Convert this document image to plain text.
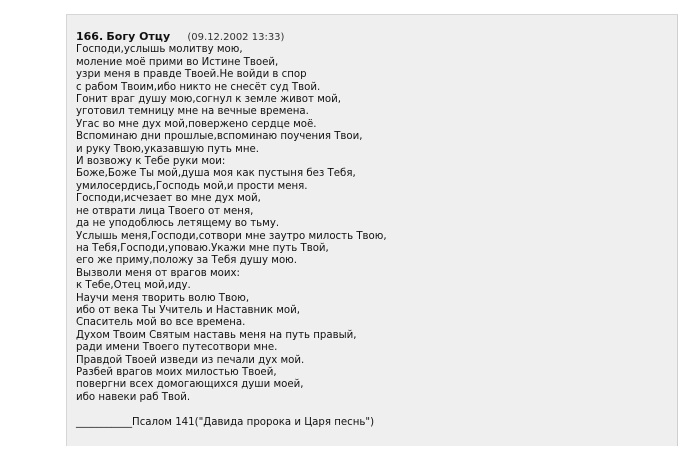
166. Богу Отцу (09.12.2002 13:33)
Господи,услышь молитву мою,
моление моё прими во Истине Твоей,
узри меня в правде Твоей.Не войди в спор
с рабом Твоим,ибо никто не снесёт суд Твой.
Гонит враг душу мою,согнул к земле живот мой,
уготовил темницу мне на вечные времена.
Угас во мне дух мой,повержено сердце моё.
Вспоминаю дни прошлые,вспоминаю поучения Твои,
и руку Твою,указавшую путь мне.
И возвожу к Тебе руки мои:
Боже,Боже Ты мой,душа моя как пустыня без Тебя,
умилосердись,Господь мой,и прости меня.
Господи,исчезает во мне дух мой,
не отврати лица Твоего от меня,
да не уподоблюсь летящему во тьму.
Услышь меня,Господи,сотвори мне заутро милость Твою,
на Тебя,Господи,уповаю.Укажи мне путь Твой,
его же приму,положу за Тебя душу мою.
Вызволи меня от врагов моих:
к Тебе,Отец мой,иду.
Научи меня творить волю Твою,
ибо от века Ты Учитель и Наставник мой,
Спаситель мой во все времена.
Духом Твоим Святым наставь меня на путь правый,
ради имени Твоего путесотвори мне.
Правдой Твоей изведи из печали дух мой.
Разбей врагов моих милостью Твоей,
повергни всех домогающихся души моей,
ибо навеки раб Твой.
___________Псалом 141("Давида пророка и Царя песнь")
